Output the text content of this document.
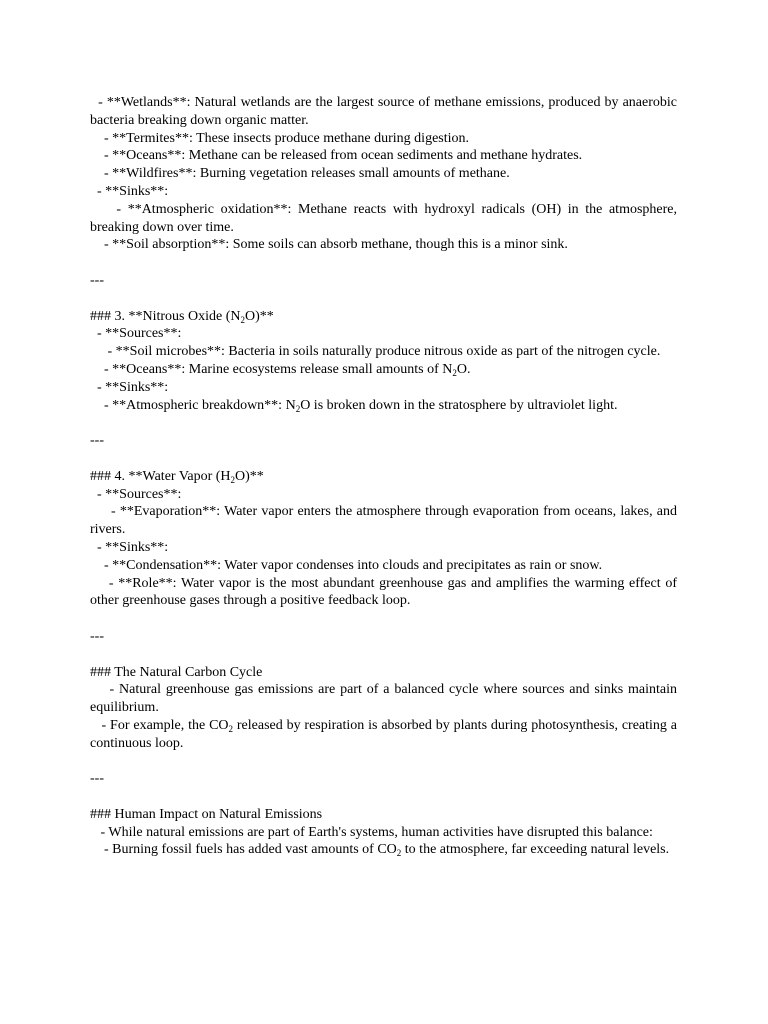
- **Wetlands**: Natural wetlands are the largest source of methane emissions, produced by anaerobic bacteria breaking down organic matter.

- **Termites**: These insects produce methane during digestion.

- **Oceans**: Methane can be released from ocean sediments and methane hydrates.

- **Wildfires**: Burning vegetation releases small amounts of methane.

- **Sinks**:

- **Atmospheric oxidation**: Methane reacts with hydroxyl radicals (OH) in the atmosphere, breaking down over time.

- **Soil absorption**: Some soils can absorb methane, though this is a minor sink.

---

### 3. **Nitrous Oxide $(N_2O)**$

- **Sources**:

- **Soil microbes**: Bacteria in soils naturally produce nitrous oxide as part of the nitrogen cycle.

- **Oceans**: Marine ecosystems release small amounts of $N_2O$.

- **Sinks**:

- **Atmospheric breakdown**: $N_2O$ is broken down in the stratosphere by ultraviolet light.

---

### 4. **Water Vapor $(H_2O)**$

- **Sources**:

- **Evaporation**: Water vapor enters the atmosphere through evaporation from oceans, lakes, and rivers.

- **Sinks**:

- **Condensation**: Water vapor condenses into clouds and precipitates as rain or snow.

- **Role**: Water vapor is the most abundant greenhouse gas and amplifies the warming effect of other greenhouse gases through a positive feedback loop.

---

### The Natural Carbon Cycle

- Natural greenhouse gas emissions are part of a balanced cycle where sources and sinks maintain equilibrium.

- For example, the $CO_2$ released by respiration is absorbed by plants during photosynthesis, creating a continuous loop.

---

### Human Impact on Natural Emissions

- While natural emissions are part of Earth's systems, human activities have disrupted this balance:

- Burning fossil fuels has added vast amounts of $CO_2$ to the atmosphere, far exceeding natural levels.
